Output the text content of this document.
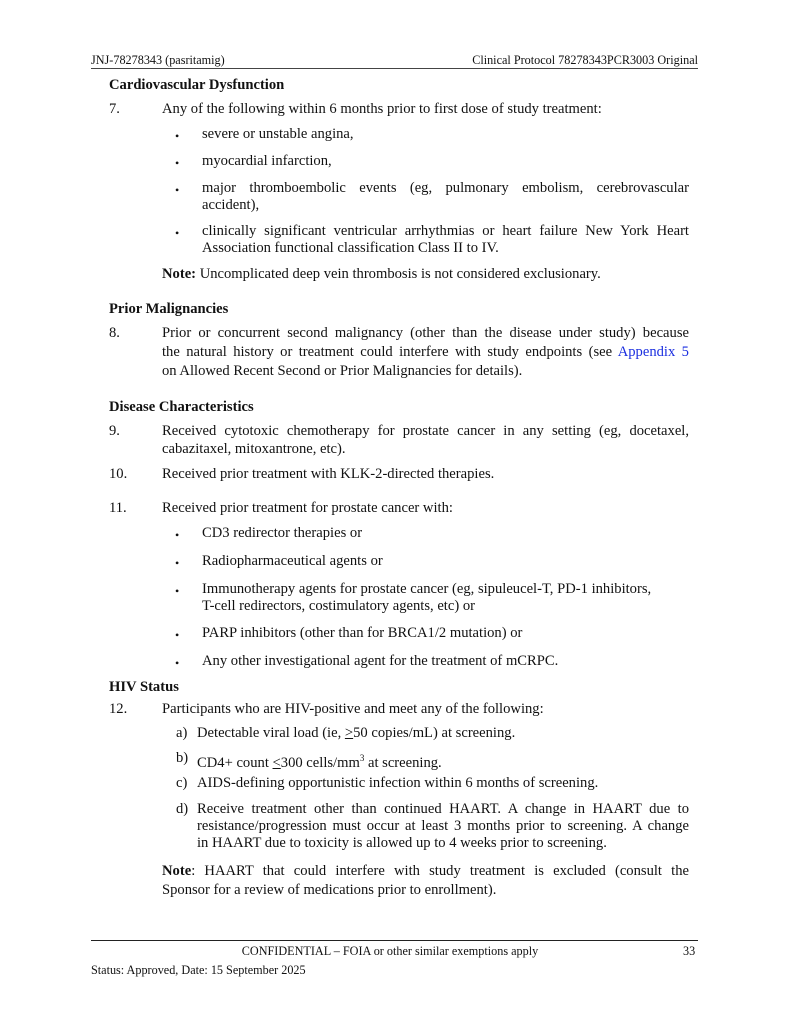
JNJ-78278343 (pasritamig)	Clinical Protocol 78278343PCR3003 Original
Cardiovascular Dysfunction
7.	Any of the following within 6 months prior to first dose of study treatment:
• severe or unstable angina,
• myocardial infarction,
• major thromboembolic events (eg, pulmonary embolism, cerebrovascular
accident),
• clinically significant ventricular arrhythmias or heart failure New York Heart
Association functional classification Class II to IV.
Note: Uncomplicated deep vein thrombosis is not considered exclusionary.
Prior Malignancies
8.	Prior or concurrent second malignancy (other than the disease under study) because
the natural history or treatment could interfere with study endpoints (see Appendix 5
on Allowed Recent Second or Prior Malignancies for details).
Disease Characteristics
9.	Received cytotoxic chemotherapy for prostate cancer in any setting (eg, docetaxel,
cabazitaxel, mitoxantrone, etc).
10. Received prior treatment with KLK-2-directed therapies.
11. Received prior treatment for prostate cancer with:
• CD3 redirector therapies or
• Radiopharmaceutical agents or
• Immunotherapy agents for prostate cancer (eg, sipuleucel-T, PD-1 inhibitors,
T-cell redirectors, costimulatory agents, etc) or
• PARP inhibitors (other than for BRCA1/2 mutation) or
• Any other investigational agent for the treatment of mCRPC.
HIV Status
12. Participants who are HIV-positive and meet any of the following:
a) Detectable viral load (ie, >50 copies/mL) at screening.
b) CD4+ count ≤300 cells/$mm^3$ at screening.
c) AIDS-defining opportunistic infection within 6 months of screening.
d) Receive treatment other than continued HAART. A change in HAART due to
resistance/progression must occur at least 3 months prior to screening. A change
in HAART due to toxicity is allowed up to 4 weeks prior to screening.
Note: HAART that could interfere with study treatment is excluded (consult the
Sponsor for a review of medications prior to enrollment).
CONFIDENTIAL – FOIA or other similar exemptions apply	33
Status: Approved, Date: 15 September 2025
